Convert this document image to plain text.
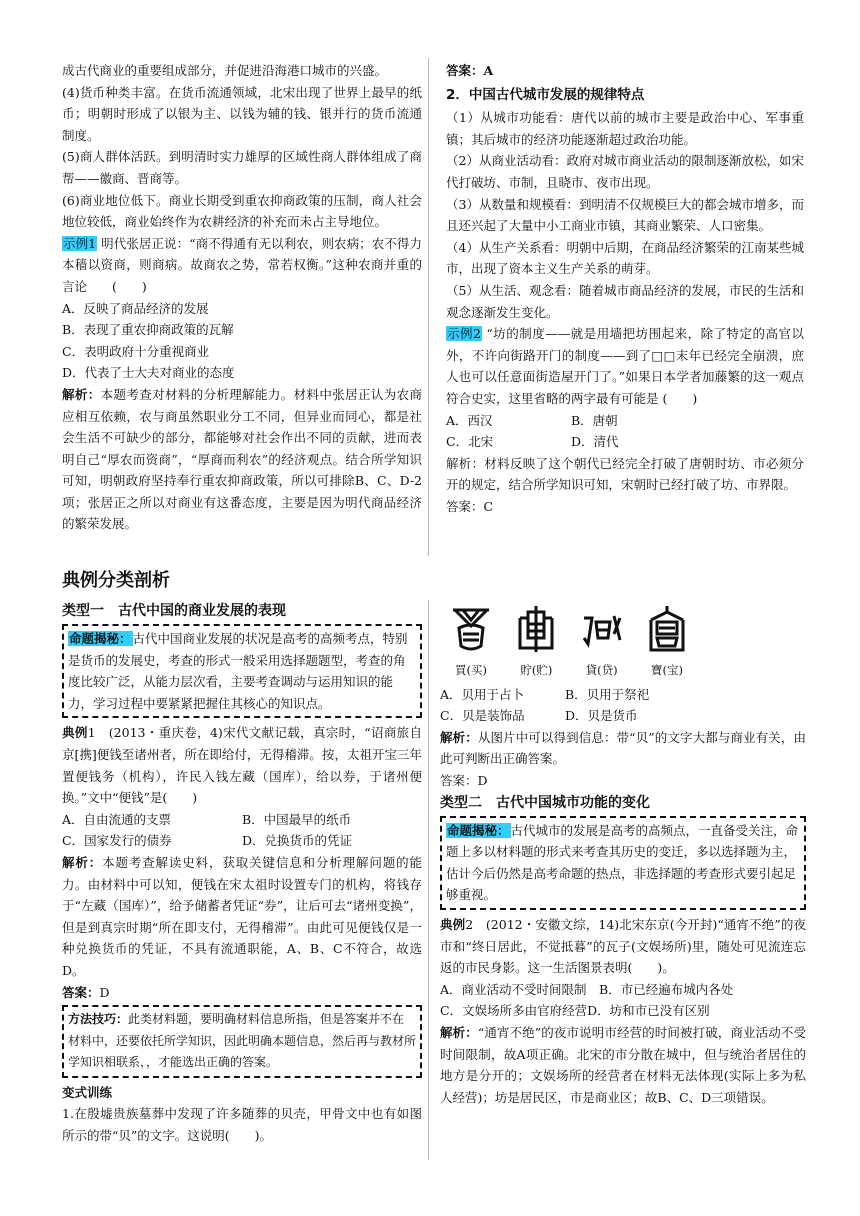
成古代商业的重要组成部分，并促进沿海港口城市的兴盛。

(4)货币种类丰富。在货币流通领域，北宋出现了世界上最早的纸币；明朝时形成了以银为主、以钱为辅的钱、银并行的货币流通制度。

(5)商人群体活跃。到明清时实力雄厚的区域性商人群体组成了商帮——徽商、晋商等。

(6)商业地位低下。商业长期受到重农抑商政策的压制，商人社会地位较低，商业始终作为农耕经济的补充而未占主导地位。

示例1 明代张居正说：“商不得通有无以利农，则农病；农不得力本穑以资商，则商病。故商农之势，常若权衡。”这种农商并重的言论　　(　　)

A．反映了商品经济的发展

B．表现了重农抑商政策的瓦解

C．表明政府十分重视商业

D．代表了士大夫对商业的态度

解析：本题考查对材料的分析理解能力。材料中张居正认为农商应相互依赖，农与商虽然职业分工不同，但异业而同心，都是社会生活不可缺少的部分，都能够对社会作出不同的贡献，进而表明自己“厚农而资商”，“厚商而利农”的经济观点。结合所学知识可知，明朝政府坚持奉行重农抑商政策，所以可排除B、C、D-2项；张居正之所以对商业有这番态度，主要是因为明代商品经济的繁荣发展。

答案：A

2．中国古代城市发展的规律特点

（1）从城市功能看：唐代以前的城市主要是政治中心、军事重镇；其后城市的经济功能逐渐超过政治功能。

（2）从商业活动看：政府对城市商业活动的限制逐渐放松，如宋代打破坊、市制，且晓市、夜市出现。

（3）从数量和规模看：到明清不仅规模巨大的都会城市增多，而且还兴起了大量中小工商业市镇，其商业繁荣、人口密集。

（4）从生产关系看：明朝中后期，在商品经济繁荣的江南某些城市，出现了资本主义生产关系的萌芽。

（5）从生活、观念看：随着城市商品经济的发展，市民的生活和观念逐渐发生变化。

示例2 “坊的制度——就是用墙把坊围起来，除了特定的高官以外，不许向街路开门的制度——到了□□末年已经完全崩溃，庶人也可以任意面街造屋开门了。”如果日本学者加藤繁的这一观点符合史实，这里省略的两字最有可能是 (　　)

A．西汉	B．唐朝
C．北宋	D．清代

解析：材料反映了这个朝代已经完全打破了唐朝时坊、市必须分开的规定，结合所学知识可知，宋朝时已经打破了坊、市界限。

答案：C

典例分类剖析

类型一　古代中国的商业发展的表现

命题揭秘：古代中国商业发展的状况是高考的高频考点，特别是货币的发展史，考查的形式一般采用选择题题型，考查的角度比较广泛，从能力层次看，主要考查调动与运用知识的能力，学习过程中要紧紧把握住其核心的知识点。

典例1　(2013・重庆卷，4)宋代文献记载，真宗时，“诏商旅自京[携]便钱至诸州者，所在即给付，无得稽滞。按，太祖开宝三年置便钱务（机构），许民入钱左藏（国库），给以券，于诸州便换。”文中“便钱”是(　　)

A．自由流通的支票	B．中国最早的纸币
C．国家发行的债券	D．兑换货币的凭证

解析：本题考查解读史料，获取关键信息和分析理解问题的能力。由材料中可以知，便钱在宋太祖时设置专门的机构，将钱存于“左藏（国库）”，给予储蓄者凭证“券”，让后可去“诸州变换”，但是到真宗时期“所在即支付，无得稽滞”。由此可见便钱仅是一种兑换货币的凭证，不具有流通职能，A、B、C不符合，故选D。

答案：D

方法技巧：此类材料题，要明确材料信息所指，但是答案并不在材料中，还要依托所学知识，因此明确本题信息，然后再与教材所学知识相联系，，才能选出正确的答案。

变式训练

1.在殷墟贵族墓葬中发现了许多随葬的贝壳，甲骨文中也有如图所示的带“贝”的文字。这说明(　　)。

買(买)	貯(贮)	貸(贷)	寶(宝)
A．贝用于占卜	B．贝用于祭祀
C．贝是装饰品	D．贝是货币

解析：从图片中可以得到信息：带“贝”的文字大都与商业有关，由此可判断出正确答案。

答案：D

类型二　古代中国城市功能的变化

命题揭秘：古代城市的发展是高考的高频点，一直备受关注，命题上多以材料题的形式来考查其历史的变迁，多以选择题为主，估计今后仍然是高考命题的热点，非选择题的考查形式要引起足够重视。

典例2　(2012・安徽文综，14)北宋东京(今开封)“通宵不绝”的夜市和“终日居此，不觉抵暮”的瓦子(文娱场所)里，随处可见流连忘返的市民身影。这一生活图景表明(　　)。

A．商业活动不受时间限制　 B．市已经遍布城内各处

C．文娱场所多由官府经营D．坊和市已没有区别

解析：“通宵不绝”的夜市说明市经营的时间被打破，商业活动不受时间限制，故A项正确。北宋的市分散在城中，但与统治者居住的地方是分开的；文娱场所的经营者在材料无法体现(实际上多为私人经营)；坊是居民区，市是商业区；故B、C、D三项错误。
